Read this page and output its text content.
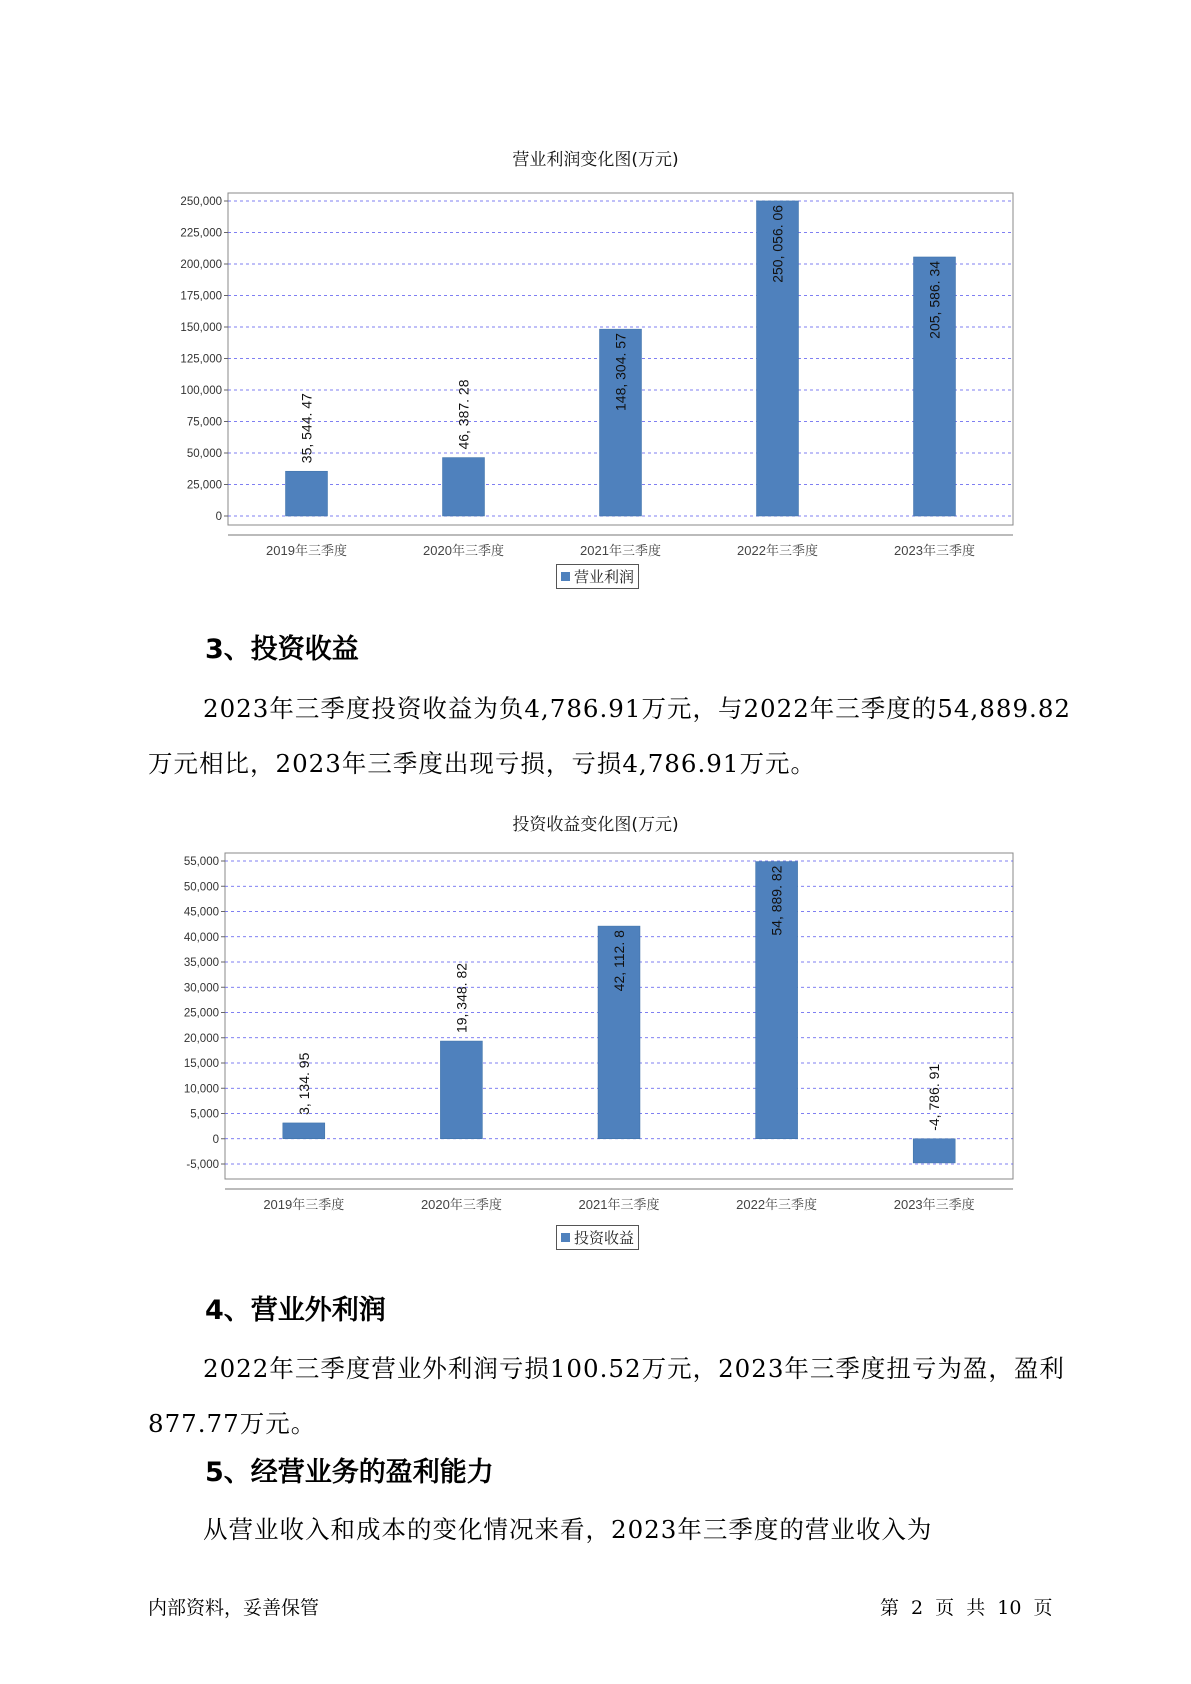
营业利润变化图(万元)
0
25,000
50,000
75,000
100,000
125,000
150,000
175,000
200,000
225,000
250,000
35, 544. 47
2019年三季度
46, 387. 28
2020年三季度
148, 304. 57
2021年三季度
250, 056. 06
2022年三季度
205, 586. 34
2023年三季度
营业利润
3、投资收益
2023年三季度投资收益为负4,786.91万元，与2022年三季度的54,889.82万元相比，2023年三季度出现亏损，亏损4,786.91万元。
投资收益变化图(万元)
-5,000
0
5,000
10,000
15,000
20,000
25,000
30,000
35,000
40,000
45,000
50,000
55,000
3, 134. 95
2019年三季度
19, 348. 82
2020年三季度
42, 112. 8
2021年三季度
54, 889. 82
2022年三季度
-4, 786. 91
2023年三季度
投资收益
4、营业外利润
2022年三季度营业外利润亏损100.52万元，2023年三季度扭亏为盈，盈利877.77万元。
5、经营业务的盈利能力
从营业收入和成本的变化情况来看，2023年三季度的营业收入为
内部资料，妥善保管	第 2 页 共 10 页
